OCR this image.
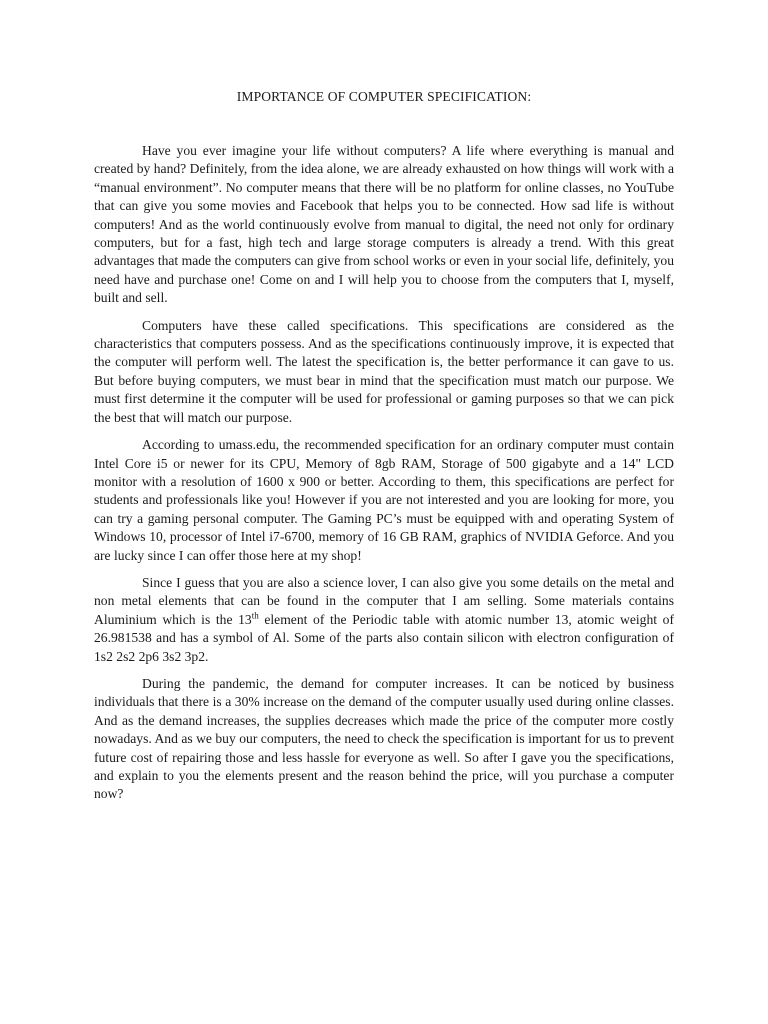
IMPORTANCE OF COMPUTER SPECIFICATION:

Have you ever imagine your life without computers? A life where everything is manual and created by hand? Definitely, from the idea alone, we are already exhausted on how things will work with a “manual environment”. No computer means that there will be no platform for online classes, no YouTube that can give you some movies and Facebook that helps you to be connected. How sad life is without computers! And as the world continuously evolve from manual to digital, the need not only for ordinary computers, but for a fast, high tech and large storage computers is already a trend. With this great advantages that made the computers can give from school works or even in your social life, definitely, you need have and purchase one! Come on and I will help you to choose from the computers that I, myself, built and sell.

Computers have these called specifications. This specifications are considered as the characteristics that computers possess. And as the specifications continuously improve, it is expected that the computer will perform well. The latest the specification is, the better performance it can gave to us. But before buying computers, we must bear in mind that the specification must match our purpose. We must first determine it the computer will be used for professional or gaming purposes so that we can pick the best that will match our purpose.

According to umass.edu, the recommended specification for an ordinary computer must contain Intel Core i5 or newer for its CPU, Memory of 8gb RAM, Storage of 500 gigabyte and a 14" LCD monitor with a resolution of 1600 x 900 or better. According to them, this specifications are perfect for students and professionals like you! However if you are not interested and you are looking for more, you can try a gaming personal computer. The Gaming PC’s must be equipped with and operating System of Windows 10, processor of Intel i7-6700, memory of 16 GB RAM, graphics of NVIDIA Geforce. And you are lucky since I can offer those here at my shop!

Since I guess that you are also a science lover, I can also give you some details on the metal and non metal elements that can be found in the computer that I am selling. Some materials contains Aluminium which is the 13th element of the Periodic table with atomic number 13, atomic weight of 26.981538 and has a symbol of Al. Some of the parts also contain silicon with electron configuration of 1s2 2s2 2p6 3s2 3p2.

During the pandemic, the demand for computer increases. It can be noticed by business individuals that there is a 30% increase on the demand of the computer usually used during online classes. And as the demand increases, the supplies decreases which made the price of the computer more costly nowadays. And as we buy our computers, the need to check the specification is important for us to prevent future cost of repairing those and less hassle for everyone as well. So after I gave you the specifications, and explain to you the elements present and the reason behind the price, will you purchase a computer now?
